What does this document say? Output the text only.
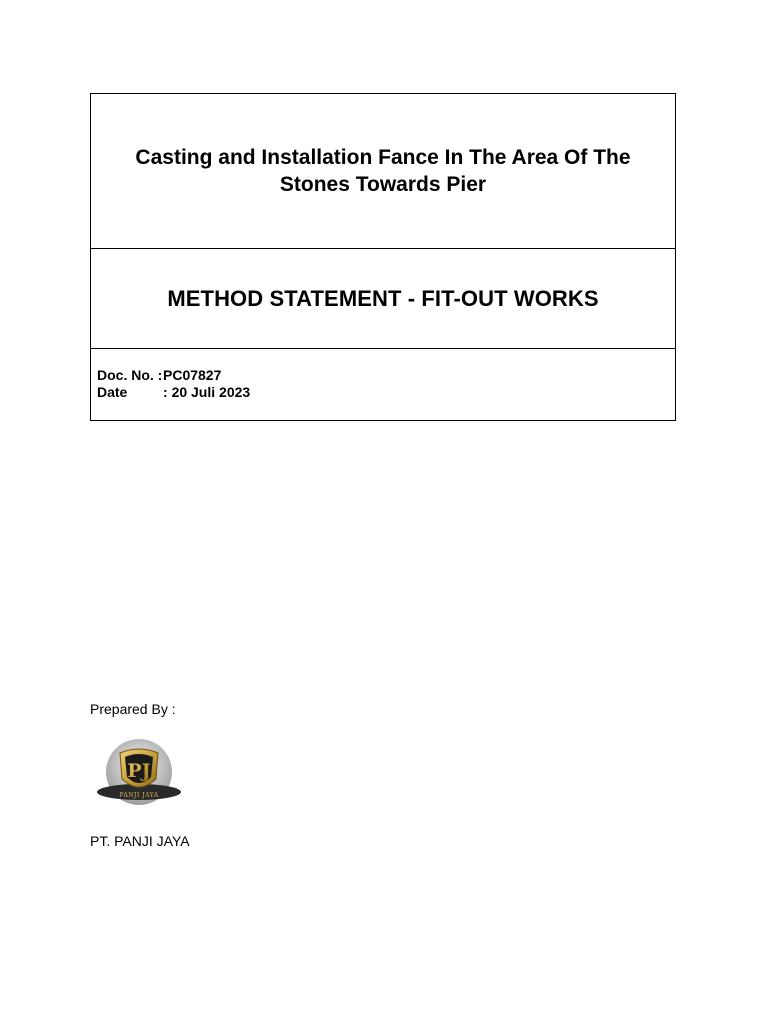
Casting and Installation Fance In The Area Of The Stones Towards Pier

METHOD STATEMENT - FIT-OUT WORKS

Doc. No. :
PC07827
Date	: 20 Juli 2023

Prepared By :

PJ
PANJI JAYA

PT. PANJI JAYA
